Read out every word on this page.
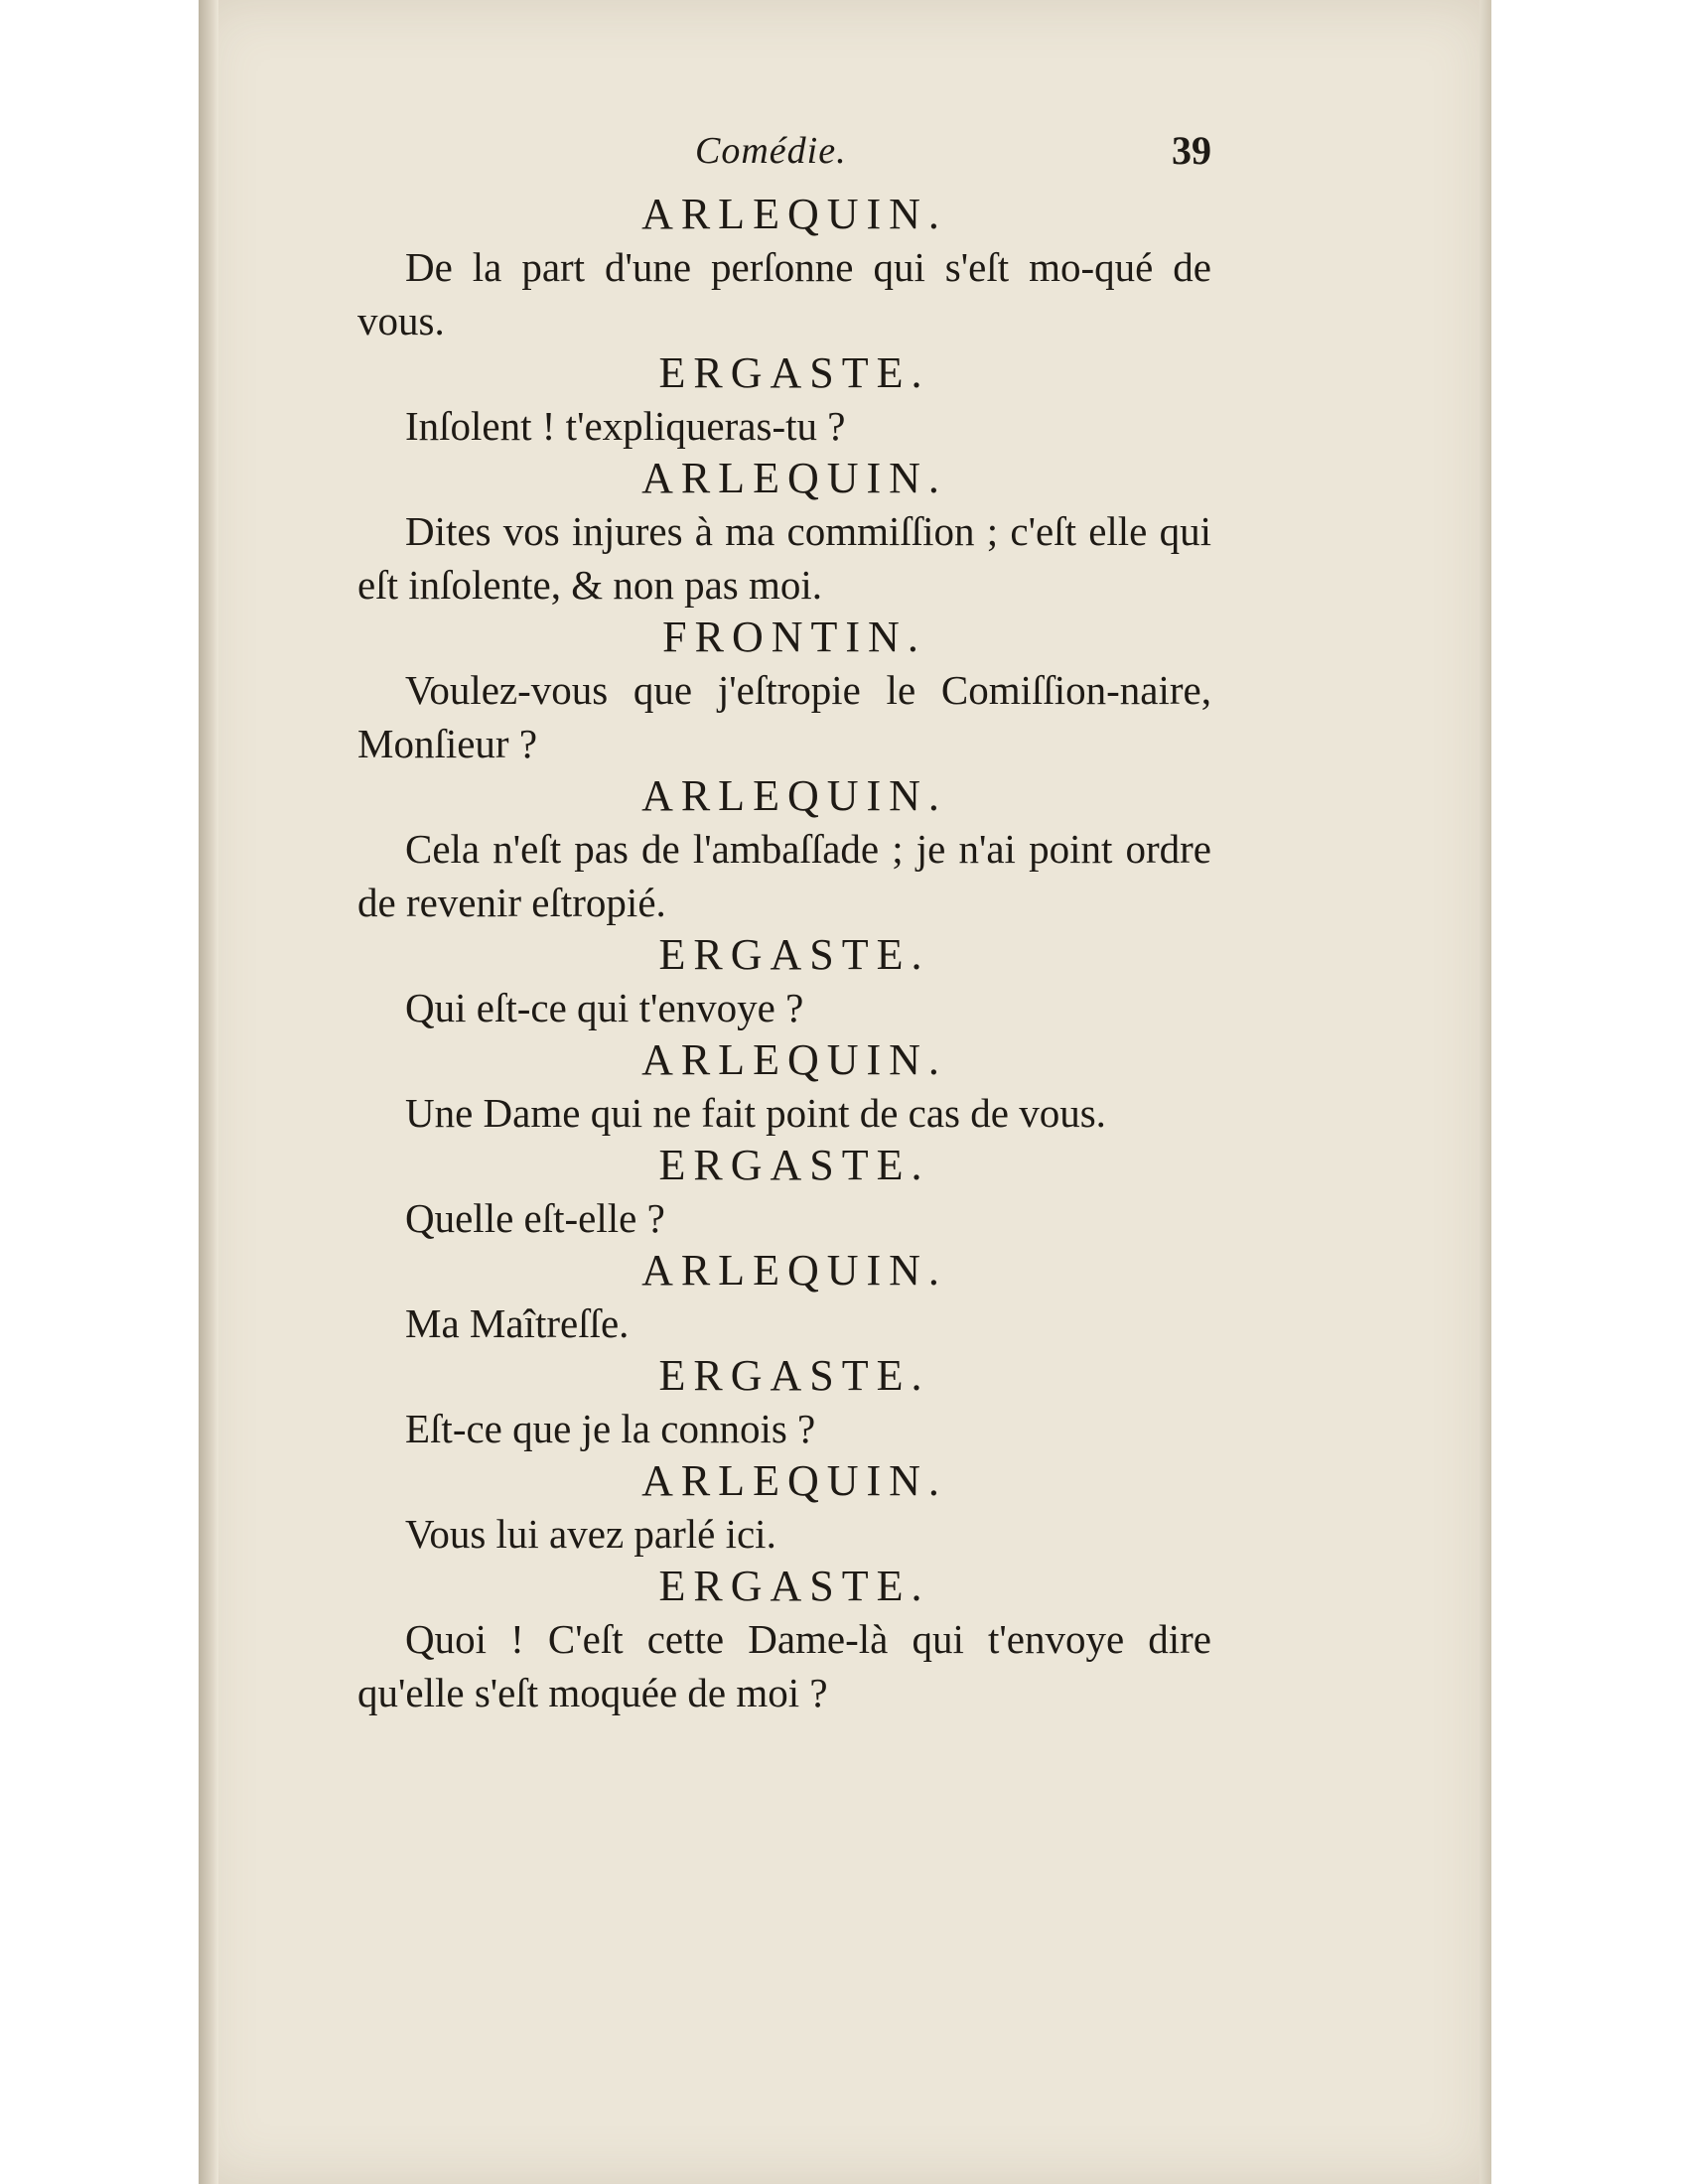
Comédie.	39

ARLEQUIN.

De la part d'une perſonne qui s'eſt mo-qué de vous.

ERGASTE.

Inſolent ! t'expliqueras-tu ?

ARLEQUIN.

Dites vos injures à ma commiſſion ; c'eſt elle qui eſt inſolente, & non pas moi.

FRONTIN.

Voulez-vous que j'eſtropie le Comiſſion-naire, Monſieur ?

ARLEQUIN.

Cela n'eſt pas de l'ambaſſade ; je n'ai point ordre de revenir eſtropié.

ERGASTE.

Qui eſt-ce qui t'envoye ?

ARLEQUIN.

Une Dame qui ne fait point de cas de vous.

ERGASTE.

Quelle eſt-elle ?

ARLEQUIN.

Ma Maîtreſſe.

ERGASTE.

Eſt-ce que je la connois ?

ARLEQUIN.

Vous lui avez parlé ici.

ERGASTE.

Quoi ! C'eſt cette Dame-là qui t'envoye dire qu'elle s'eſt moquée de moi ?
